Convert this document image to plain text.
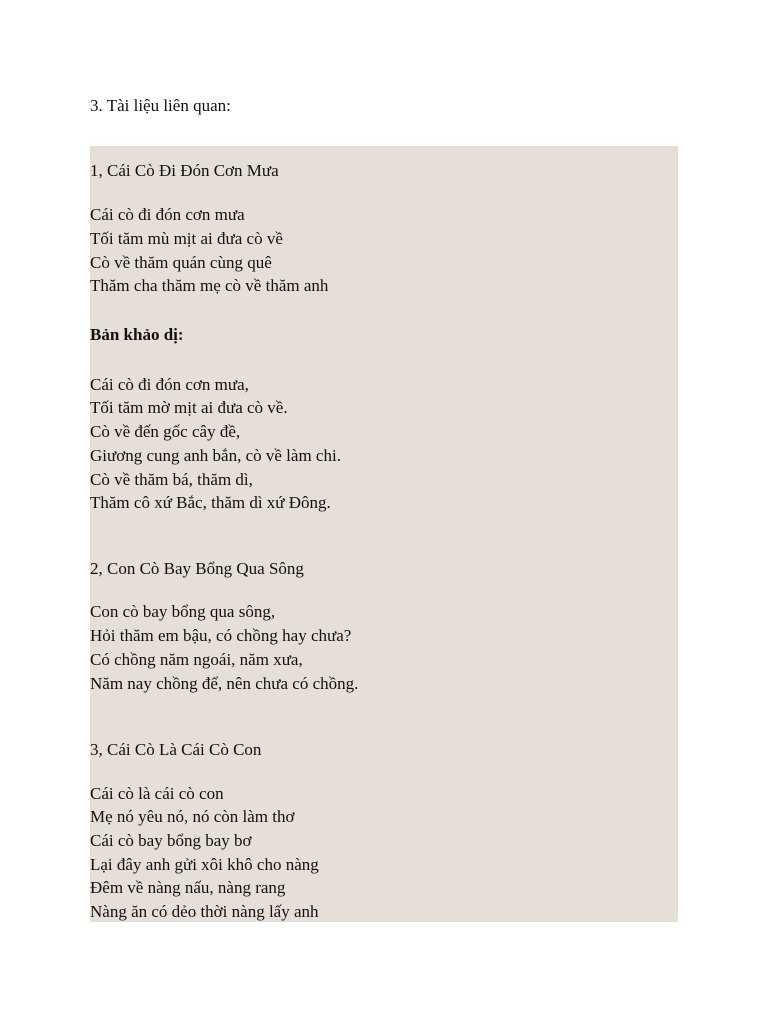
3. Tài liệu liên quan:
1, Cái Cò Đi Đón Cơn Mưa
Cái cò đi đón cơn mưa
Tối tăm mù mịt ai đưa cò về
Cò về thăm quán cùng quê
Thăm cha thăm mẹ cò về thăm anh
Bản khảo dị:
Cái cò đi đón cơn mưa,
Tối tăm mờ mịt ai đưa cò về.
Cò về đến gốc cây đề,
Giương cung anh bắn, cò về làm chi.
Cò về thăm bá, thăm dì,
Thăm cô xứ Bắc, thăm dì xứ Đông.
2, Con Cò Bay Bổng Qua Sông
Con cò bay bổng qua sông,
Hỏi thăm em bậu, có chồng hay chưa?
Có chồng năm ngoái, năm xưa,
Năm nay chồng để, nên chưa có chồng.
3, Cái Cò Là Cái Cò Con
Cái cò là cái cò con
Mẹ nó yêu nó, nó còn làm thơ
Cái cò bay bổng bay bơ
Lại đây anh gửi xôi khô cho nàng
Đêm về nàng nấu, nàng rang
Nàng ăn có dẻo thời nàng lấy anh
